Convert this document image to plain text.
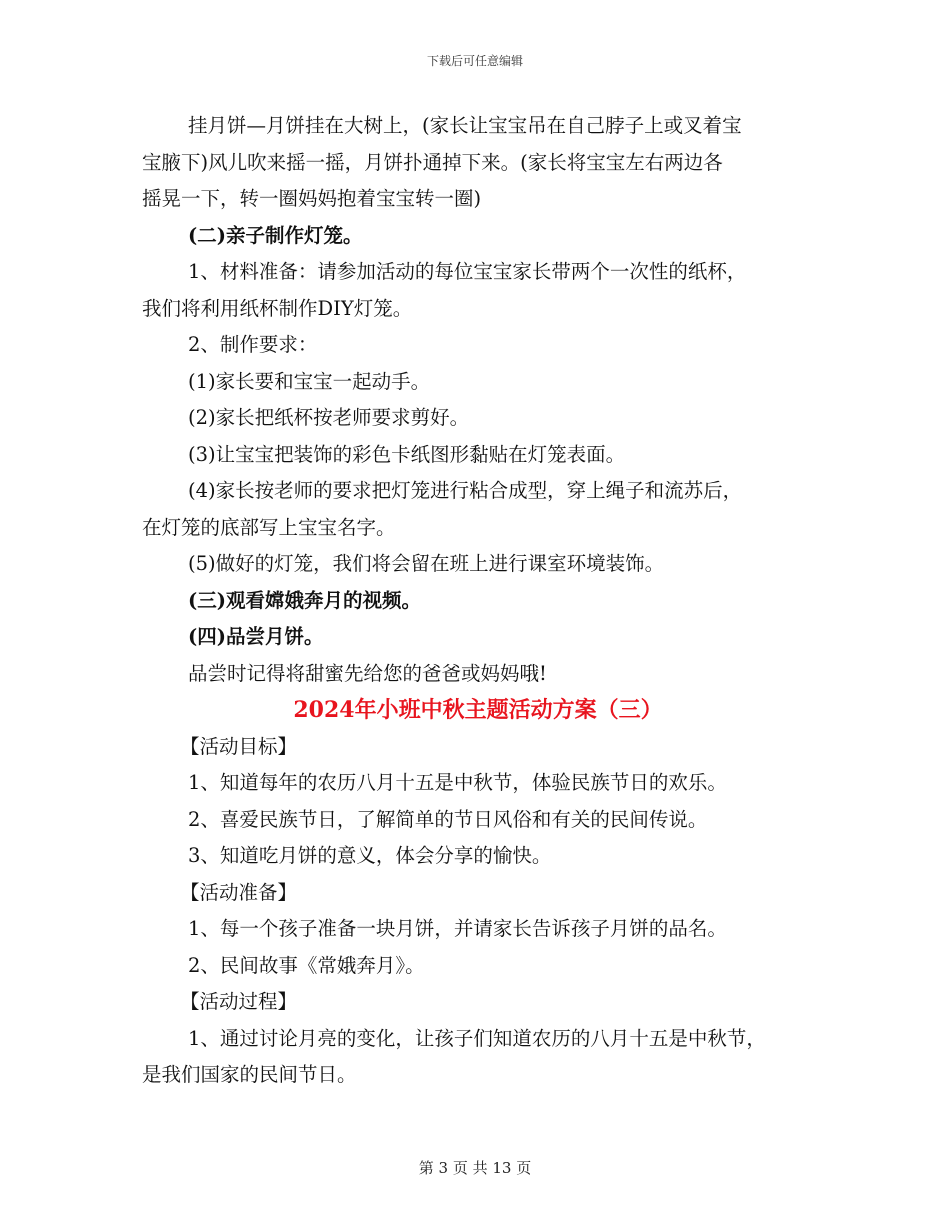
下载后可任意编辑

挂月饼—月饼挂在大树上，(家长让宝宝吊在自己脖子上或叉着宝

宝腋下)风儿吹来摇一摇，月饼扑通掉下来。(家长将宝宝左右两边各

摇晃一下，转一圈妈妈抱着宝宝转一圈)

(二)亲子制作灯笼。

1、材料准备：请参加活动的每位宝宝家长带两个一次性的纸杯，

我们将利用纸杯制作DIY灯笼。

2、制作要求：

(1)家长要和宝宝一起动手。

(2)家长把纸杯按老师要求剪好。

(3)让宝宝把装饰的彩色卡纸图形黏贴在灯笼表面。

(4)家长按老师的要求把灯笼进行粘合成型，穿上绳子和流苏后，

在灯笼的底部写上宝宝名字。

(5)做好的灯笼，我们将会留在班上进行课室环境装饰。

(三)观看嫦娥奔月的视频。

(四)品尝月饼。

品尝时记得将甜蜜先给您的爸爸或妈妈哦!

2024年小班中秋主题活动方案（三）

【活动目标】

1、知道每年的农历八月十五是中秋节，体验民族节日的欢乐。

2、喜爱民族节日，了解简单的节日风俗和有关的民间传说。

3、知道吃月饼的意义，体会分享的愉快。

【活动准备】

1、每一个孩子准备一块月饼，并请家长告诉孩子月饼的品名。

2、民间故事《常娥奔月》。

【活动过程】

1、通过讨论月亮的变化，让孩子们知道农历的八月十五是中秋节，

是我们国家的民间节日。

第 3 页 共 13 页
